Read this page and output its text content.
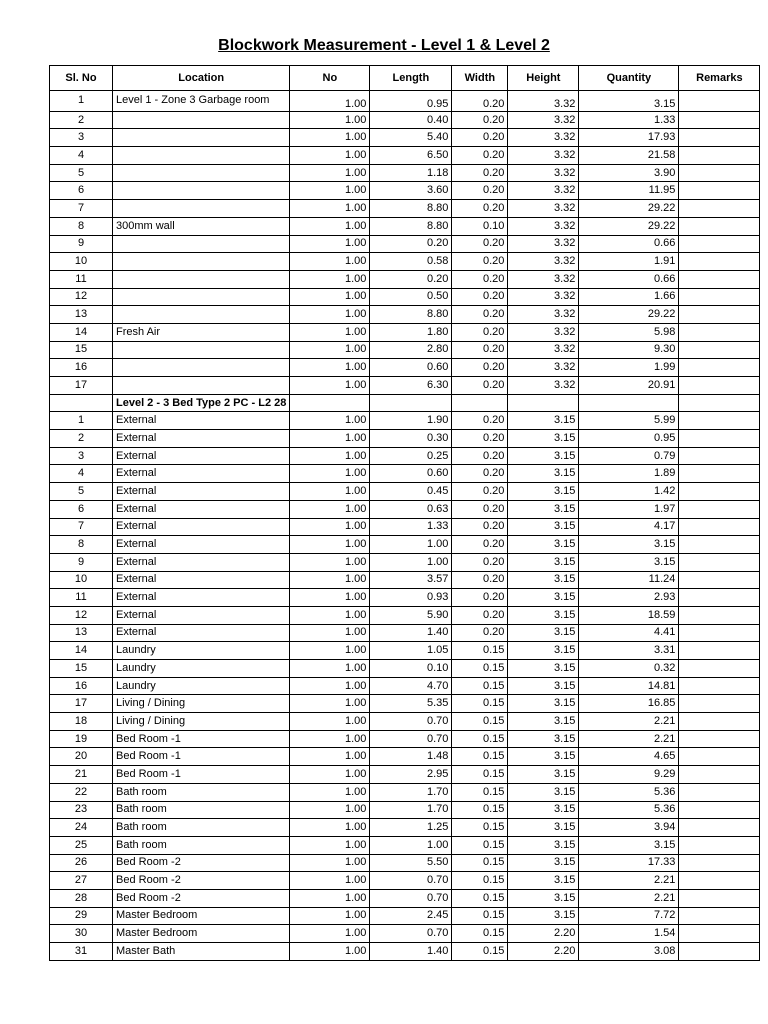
Blockwork Measurement - Level 1 & Level 2
Sl. No	Location	No	Length	Width	Height	Quantity	Remarks
1	Level 1 - Zone 3 Garbage room	1.00	0.95	0.20	3.32	3.15	
2		1.00	0.40	0.20	3.32	1.33	
3		1.00	5.40	0.20	3.32	17.93	
4		1.00	6.50	0.20	3.32	21.58	
5		1.00	1.18	0.20	3.32	3.90	
6		1.00	3.60	0.20	3.32	11.95	
7		1.00	8.80	0.20	3.32	29.22	
8	300mm wall	1.00	8.80	0.10	3.32	29.22	
9		1.00	0.20	0.20	3.32	0.66	
10		1.00	0.58	0.20	3.32	1.91	
11		1.00	0.20	0.20	3.32	0.66	
12		1.00	0.50	0.20	3.32	1.66	
13		1.00	8.80	0.20	3.32	29.22	
14	Fresh Air	1.00	1.80	0.20	3.32	5.98	
15		1.00	2.80	0.20	3.32	9.30	
16		1.00	0.60	0.20	3.32	1.99	
17		1.00	6.30	0.20	3.32	20.91	
	Level 2 - 3 Bed Type 2 PC - L2 28						
1	External	1.00	1.90	0.20	3.15	5.99	
2	External	1.00	0.30	0.20	3.15	0.95	
3	External	1.00	0.25	0.20	3.15	0.79	
4	External	1.00	0.60	0.20	3.15	1.89	
5	External	1.00	0.45	0.20	3.15	1.42	
6	External	1.00	0.63	0.20	3.15	1.97	
7	External	1.00	1.33	0.20	3.15	4.17	
8	External	1.00	1.00	0.20	3.15	3.15	
9	External	1.00	1.00	0.20	3.15	3.15	
10	External	1.00	3.57	0.20	3.15	11.24	
11	External	1.00	0.93	0.20	3.15	2.93	
12	External	1.00	5.90	0.20	3.15	18.59	
13	External	1.00	1.40	0.20	3.15	4.41	
14	Laundry	1.00	1.05	0.15	3.15	3.31	
15	Laundry	1.00	0.10	0.15	3.15	0.32	
16	Laundry	1.00	4.70	0.15	3.15	14.81	
17	Living / Dining	1.00	5.35	0.15	3.15	16.85	
18	Living / Dining	1.00	0.70	0.15	3.15	2.21	
19	Bed Room -1	1.00	0.70	0.15	3.15	2.21	
20	Bed Room -1	1.00	1.48	0.15	3.15	4.65	
21	Bed Room -1	1.00	2.95	0.15	3.15	9.29	
22	Bath room	1.00	1.70	0.15	3.15	5.36	
23	Bath room	1.00	1.70	0.15	3.15	5.36	
24	Bath room	1.00	1.25	0.15	3.15	3.94	
25	Bath room	1.00	1.00	0.15	3.15	3.15	
26	Bed Room -2	1.00	5.50	0.15	3.15	17.33	
27	Bed Room -2	1.00	0.70	0.15	3.15	2.21	
28	Bed Room -2	1.00	0.70	0.15	3.15	2.21	
29	Master Bedroom	1.00	2.45	0.15	3.15	7.72	
30	Master Bedroom	1.00	0.70	0.15	2.20	1.54	
31	Master Bath	1.00	1.40	0.15	2.20	3.08	
